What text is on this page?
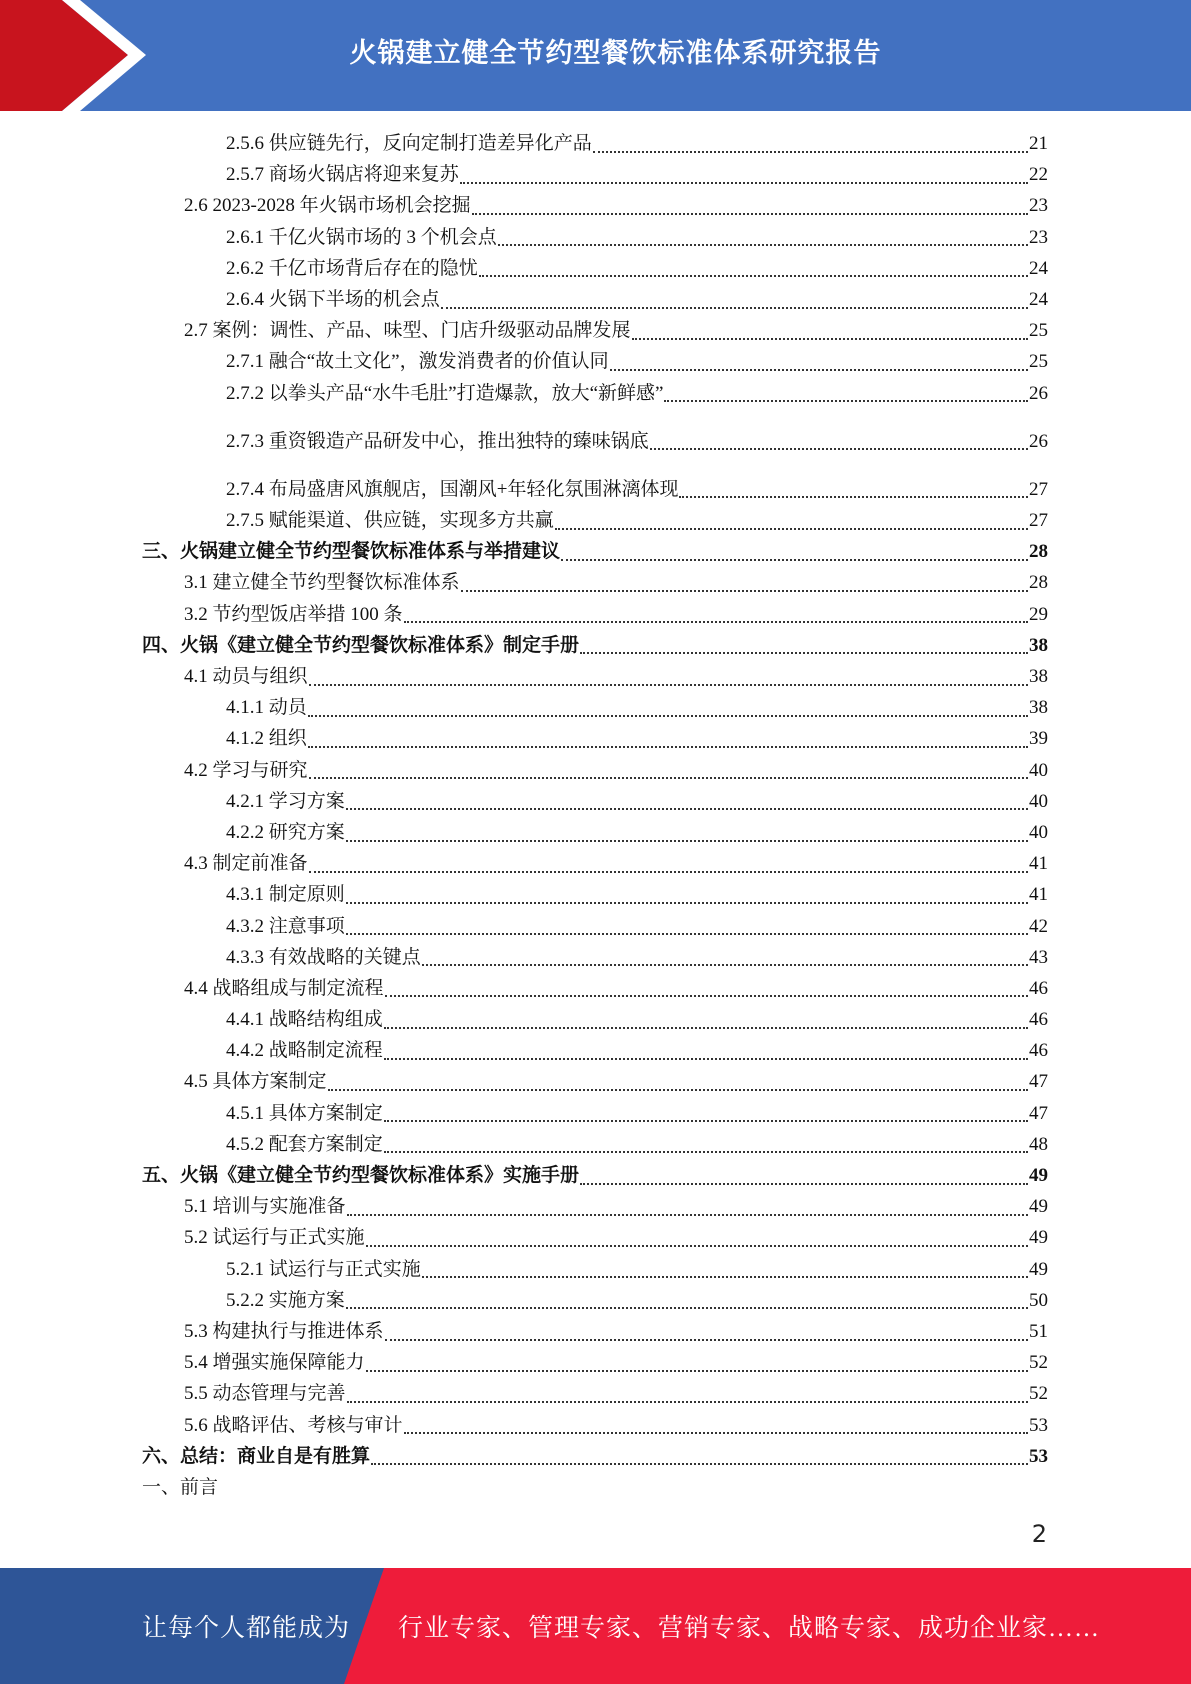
火锅建立健全节约型餐饮标准体系研究报告
2.5.6 供应链先行，反向定制打造差异化产品	21
2.5.7 商场火锅店将迎来复苏	22
2.6 2023-2028 年火锅市场机会挖掘	23
2.6.1 千亿火锅市场的 3 个机会点	23
2.6.2 千亿市场背后存在的隐忧	24
2.6.4 火锅下半场的机会点	24
2.7 案例：调性、产品、味型、门店升级驱动品牌发展	25
2.7.1 融合“故土文化”，激发消费者的价值认同	25
2.7.2 以拳头产品“水牛毛肚”打造爆款，放大“新鲜感”	26
2.7.3 重资锻造产品研发中心，推出独特的臻味锅底	26
2.7.4 布局盛唐风旗舰店，国潮风+年轻化氛围淋漓体现	27
2.7.5 赋能渠道、供应链，实现多方共赢	27
三、火锅建立健全节约型餐饮标准体系与举措建议	28
3.1 建立健全节约型餐饮标准体系	28
3.2 节约型饭店举措 100 条	29
四、火锅《建立健全节约型餐饮标准体系》制定手册	38
4.1 动员与组织	38
4.1.1 动员	38
4.1.2 组织	39
4.2 学习与研究	40
4.2.1 学习方案	40
4.2.2 研究方案	40
4.3 制定前准备	41
4.3.1 制定原则	41
4.3.2 注意事项	42
4.3.3 有效战略的关键点	43
4.4 战略组成与制定流程	46
4.4.1 战略结构组成	46
4.4.2 战略制定流程	46
4.5 具体方案制定	47
4.5.1 具体方案制定	47
4.5.2 配套方案制定	48
五、火锅《建立健全节约型餐饮标准体系》实施手册	49
5.1 培训与实施准备	49
5.2 试运行与正式实施	49
5.2.1 试运行与正式实施	49
5.2.2 实施方案	50
5.3 构建执行与推进体系	51
5.4 增强实施保障能力	52
5.5 动态管理与完善	52
5.6 战略评估、考核与审计	53
六、总结：商业自是有胜算	53
一、前言
2
让每个人都能成为 行业专家、管理专家、营销专家、战略专家、成功企业家……
